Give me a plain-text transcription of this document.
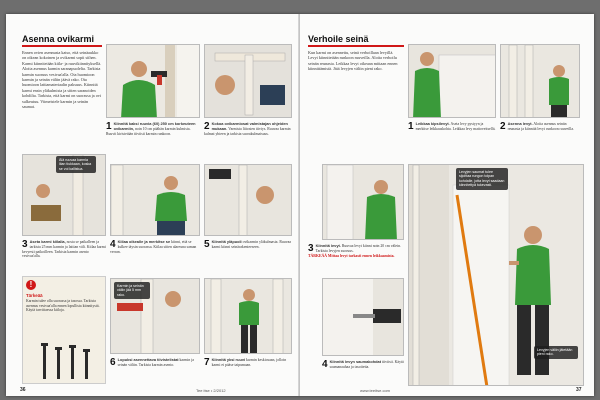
Asenna ovikarmi
Ennen ovien asennusta katso, että seinäaukko on oikean kokoinen ja ovikarmi sopii siihen. Karmi kiinnitetään kiila- ja ruuvikiinnityksellä. Aloita asennus karmin saranapuolelta. Tarkista karmin suoruus vesivaa'alla. Ota huomioon karmin ja seinän väliin jäävä rako. Ota huomioon lattiamateriaalin paksuus. Kiinnitä karmi ensin yläkulmista ja sitten saranoiden kohdilta. Tarkista, että karmi on suorassa ja ovi sulkeutuu. Viimeistele karmin ja seinän saumat.
1 Kiinnitä kaksi ruuvia (60) 250 cm korkeuteen ovikarmiin, noin 10 cm päähän karmin kulmista. Ruuvit kiristetään tiiviisti karmin runkoon.
2 Kokoa ovikarmiosat valmistajan ohjeiden mukaan. Varmista liitosten tiiviys. Ruuvaa karmin kulmat yhteen ja tarkista suorakulmaisuus.
Älä ruuvaa karmia liian tiukkaan, koska se voi kallistua.
3 Aseta karmi kiilalla, nosta se paikalleen ja tarkista 25 mm karmin ja lattian väli. Kiilaa karmi kevyesti paikoilleen. Tarkista karmin asento vesivaa'alla.
4 Kiilaa oikealle ja merkitse se kiinni, että se kulkee täysin suorassa. Kiilaa sitten alareuna saman verran.
5 Kiinnitä yläpuoli ovikarmin yläkulmasta. Ruuvaa karmi kiinni seinärakenteeseen.
!
Tärkeää
Karmin tulee olla suorassa ja tasossa. Tarkista asennus vesivaa'alla ennen lopullista kiinnitystä. Käytä tarvittaessa kiiloja.
Karmin ja seinän väliin jää 5 mm rako.
6 Lopuksi asennettava tiivistelistat karmin ja seinän väliin. Tarkista karmin asento.	7 Kiinnitä yksi ruuvi karmin keskiosaan, jolloin karmi ei pääse taipumaan.
36	Tee itse • 2/2012
Verhoile seinä
Kun karmi on asennettu, seinä verhoillaan levyillä. Levyt kiinnitetään runkoon ruuveilla. Aloita verhoilu seinän reunasta. Leikkaa levyt oikeaan mittaan ennen kiinnittämistä. Jätä levyjen väliin pieni rako.
1 Leikkaa kipsilevyt. Aseta levy pystyyn ja merkitse leikkauskohta. Leikkaa levy mattoveitsellä. 2 Asenna levyt. Aloita asennus seinän reunasta ja kiinnitä levyt runkoon ruuveilla.
3 Kiinnitä levyt. Ruuvaa levyt kiinni noin 20 cm välein. Tarkista levyjen suoruus.
TÄRKEÄÄ Mittaa levyt tarkasti ennen leikkaamista.
4 Kiinnitä levyn saumakohdat tiiviisti. Käytä saumanauhaa ja tasoitetta.
Levyjen saumat tulee sijoittaa rungon tolpan kohdalle, jotta levyt saadaan kiinnitettyä tukevasti.
Levyjen väliin jätetään pieni rako.
www.teeitse.com	37
